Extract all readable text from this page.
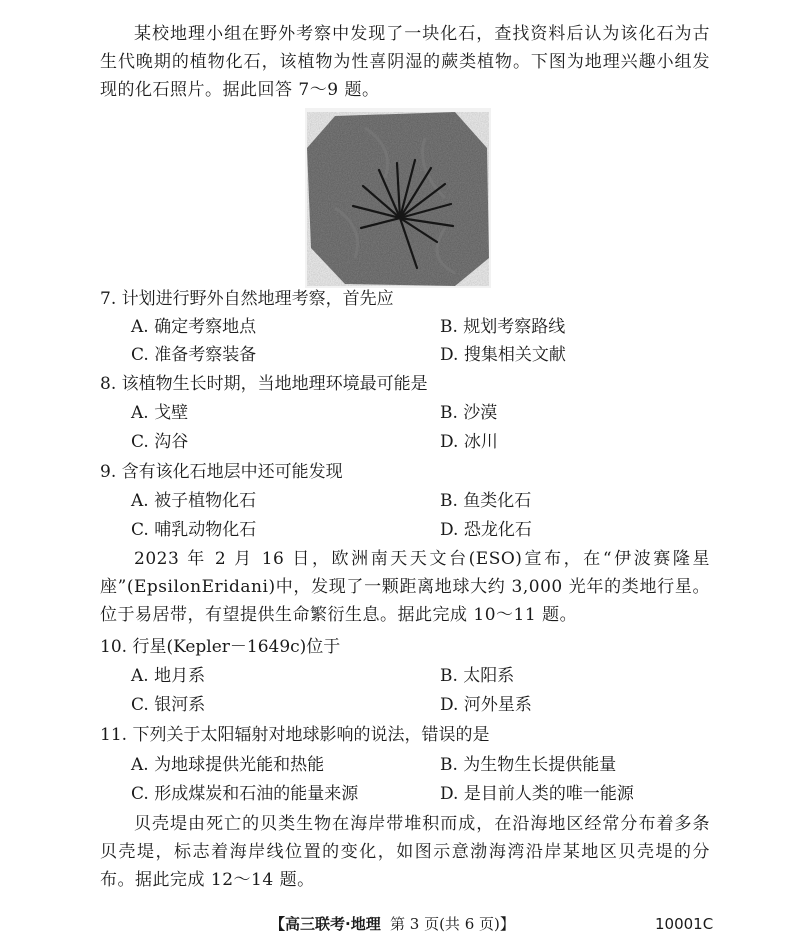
某校地理小组在野外考察中发现了一块化石，查找资料后认为该化石为古生代晚期的植物化石，该植物为性喜阴湿的蕨类植物。下图为地理兴趣小组发现的化石照片。据此回答 7～9 题。
7. 计划进行野外自然地理考察，首先应
A. 确定考察地点	B. 规划考察路线
C. 准备考察装备	D. 搜集相关文献
8. 该植物生长时期，当地地理环境最可能是
A. 戈壁	B. 沙漠
C. 沟谷	D. 冰川
9. 含有该化石地层中还可能发现
A. 被子植物化石	B. 鱼类化石
C. 哺乳动物化石	D. 恐龙化石
2023 年 2 月 16 日，欧洲南天天文台(ESO)宣布，在“伊波赛隆星座”(EpsilonEridani)中，发现了一颗距离地球大约 3,000 光年的类地行星。位于易居带，有望提供生命繁衍生息。据此完成 10～11 题。
10. 行星(Kepler－1649c)位于
A. 地月系	B. 太阳系
C. 银河系	D. 河外星系
11. 下列关于太阳辐射对地球影响的说法，错误的是
A. 为地球提供光能和热能	B. 为生物生长提供能量
C. 形成煤炭和石油的能量来源	D. 是目前人类的唯一能源
贝壳堤由死亡的贝类生物在海岸带堆积而成，在沿海地区经常分布着多条贝壳堤，标志着海岸线位置的变化，如图示意渤海湾沿岸某地区贝壳堤的分布。据此完成 12～14 题。
【高三联考·地理 第 3 页(共 6 页)】	10001C
